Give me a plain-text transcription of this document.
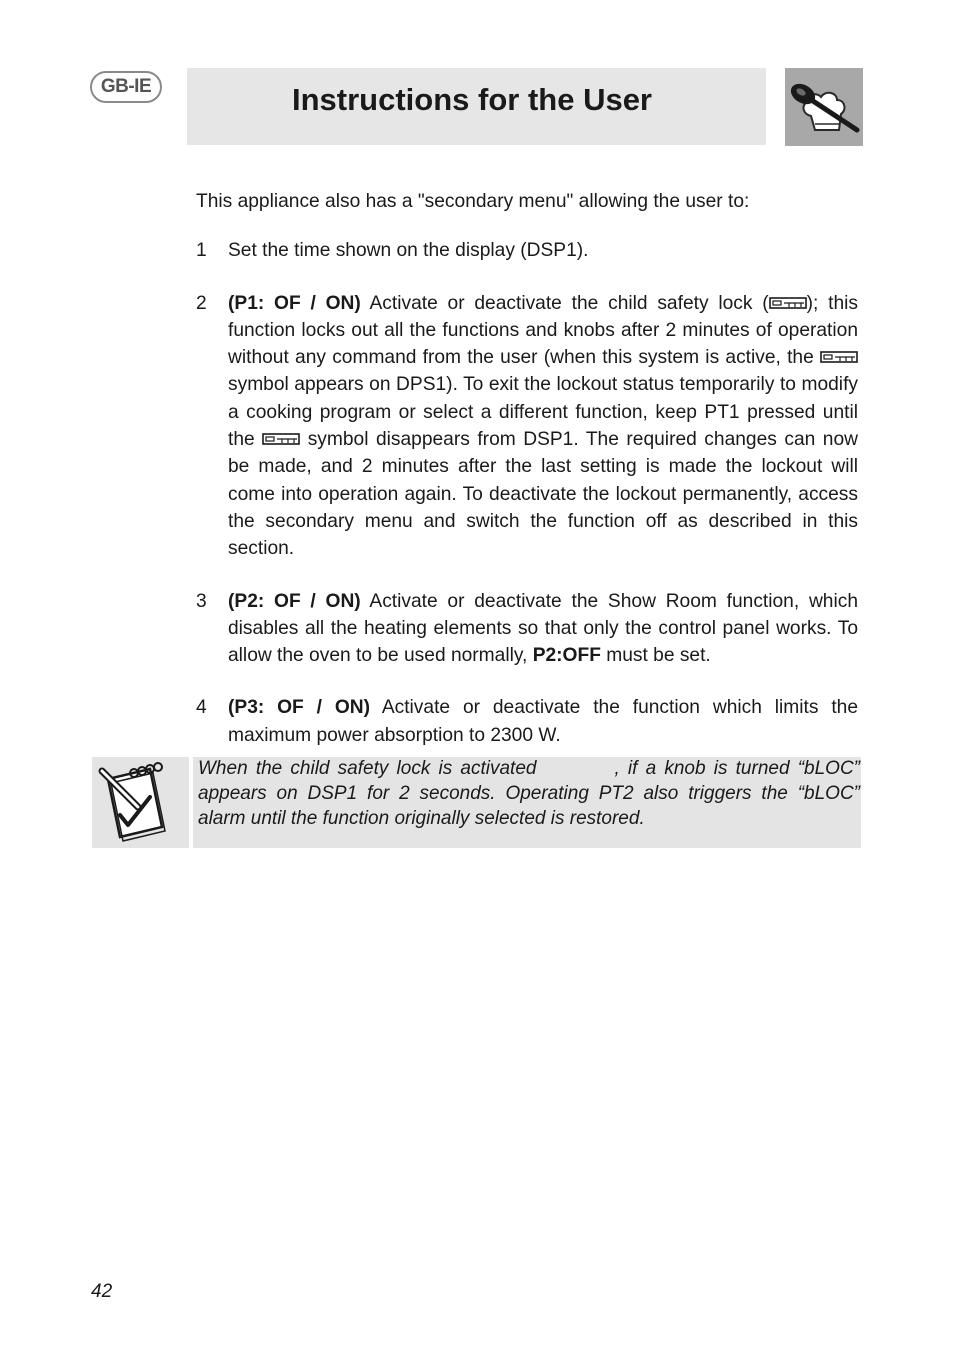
GB-IE	Instructions for the User

This appliance also has a "secondary menu" allowing the user to:

1	Set the time shown on the display (DSP1).
2	(P1: OF / ON) Activate or deactivate the child safety lock ( ); this function locks out all the functions and knobs after 2 minutes of operation without any command from the user (when this system is active, the  symbol appears on DPS1). To exit the lockout status temporarily to modify a cooking program or select a different function, keep PT1 pressed until the  symbol disappears from DSP1. The required changes can now be made, and 2 minutes after the last setting is made the lockout will come into operation again. To deactivate the lockout permanently, access the secondary menu and switch the function off as described in this section.
3	(P2: OF / ON) Activate or deactivate the Show Room function, which disables all the heating elements so that only the control panel works. To allow the oven to be used normally, P2:OFF must be set.
4	(P3: OF / ON) Activate or deactivate the function which limits the maximum power absorption to 2300 W.

When the child safety lock is activated	, if a knob is turned “bLOC” appears on DSP1 for 2 seconds. Operating PT2 also triggers the “bLOC” alarm until the function originally selected is restored.

42
